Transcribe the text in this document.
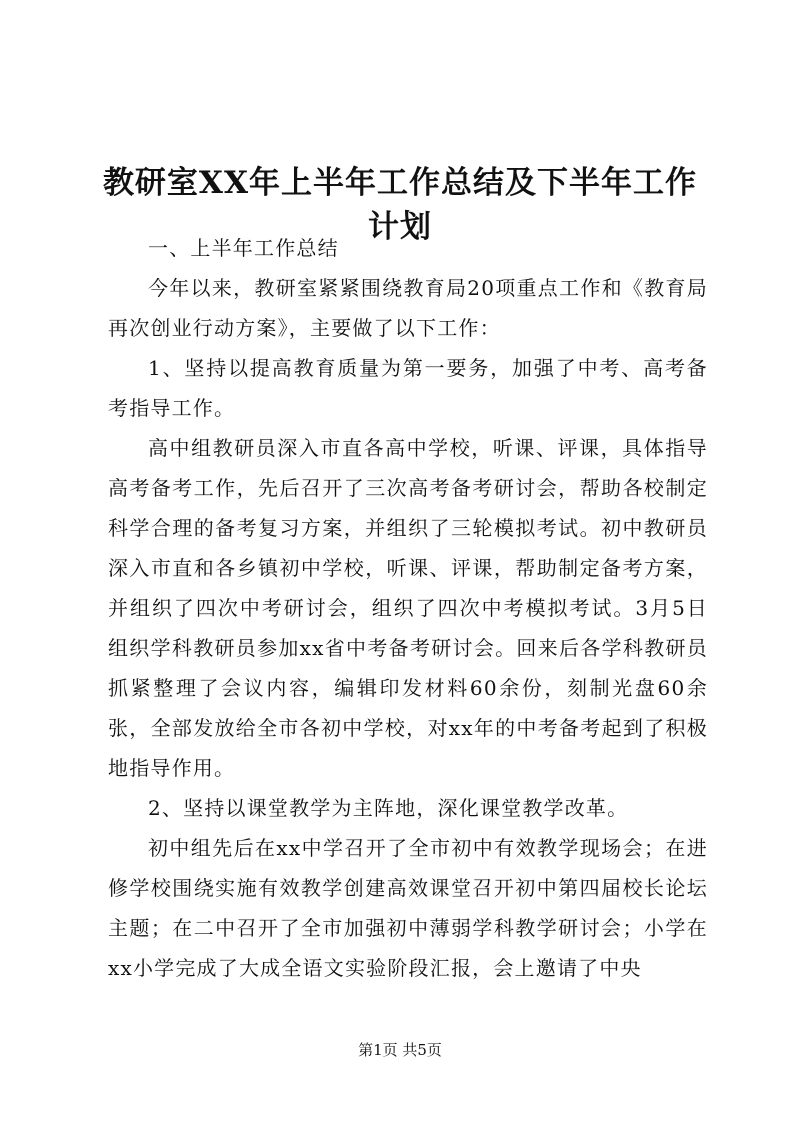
教研室XX年上半年工作总结及下半年工作计划

一、上半年工作总结

今年以来，教研室紧紧围绕教育局20项重点工作和《教育局再次创业行动方案》，主要做了以下工作：

1、坚持以提高教育质量为第一要务，加强了中考、高考备考指导工作。

高中组教研员深入市直各高中学校，听课、评课，具体指导高考备考工作，先后召开了三次高考备考研讨会，帮助各校制定科学合理的备考复习方案，并组织了三轮模拟考试。初中教研员深入市直和各乡镇初中学校，听课、评课，帮助制定备考方案，并组织了四次中考研讨会，组织了四次中考模拟考试。3月5日组织学科教研员参加xx省中考备考研讨会。回来后各学科教研员抓紧整理了会议内容，编辑印发材料60余份，刻制光盘60余张，全部发放给全市各初中学校，对xx年的中考备考起到了积极地指导作用。

2、坚持以课堂教学为主阵地，深化课堂教学改革。

初中组先后在xx中学召开了全市初中有效教学现场会；在进修学校围绕实施有效教学创建高效课堂召开初中第四届校长论坛主题；在二中召开了全市加强初中薄弱学科教学研讨会；小学在xx小学完成了大成全语文实验阶段汇报，会上邀请了中央

第1页 共5页
